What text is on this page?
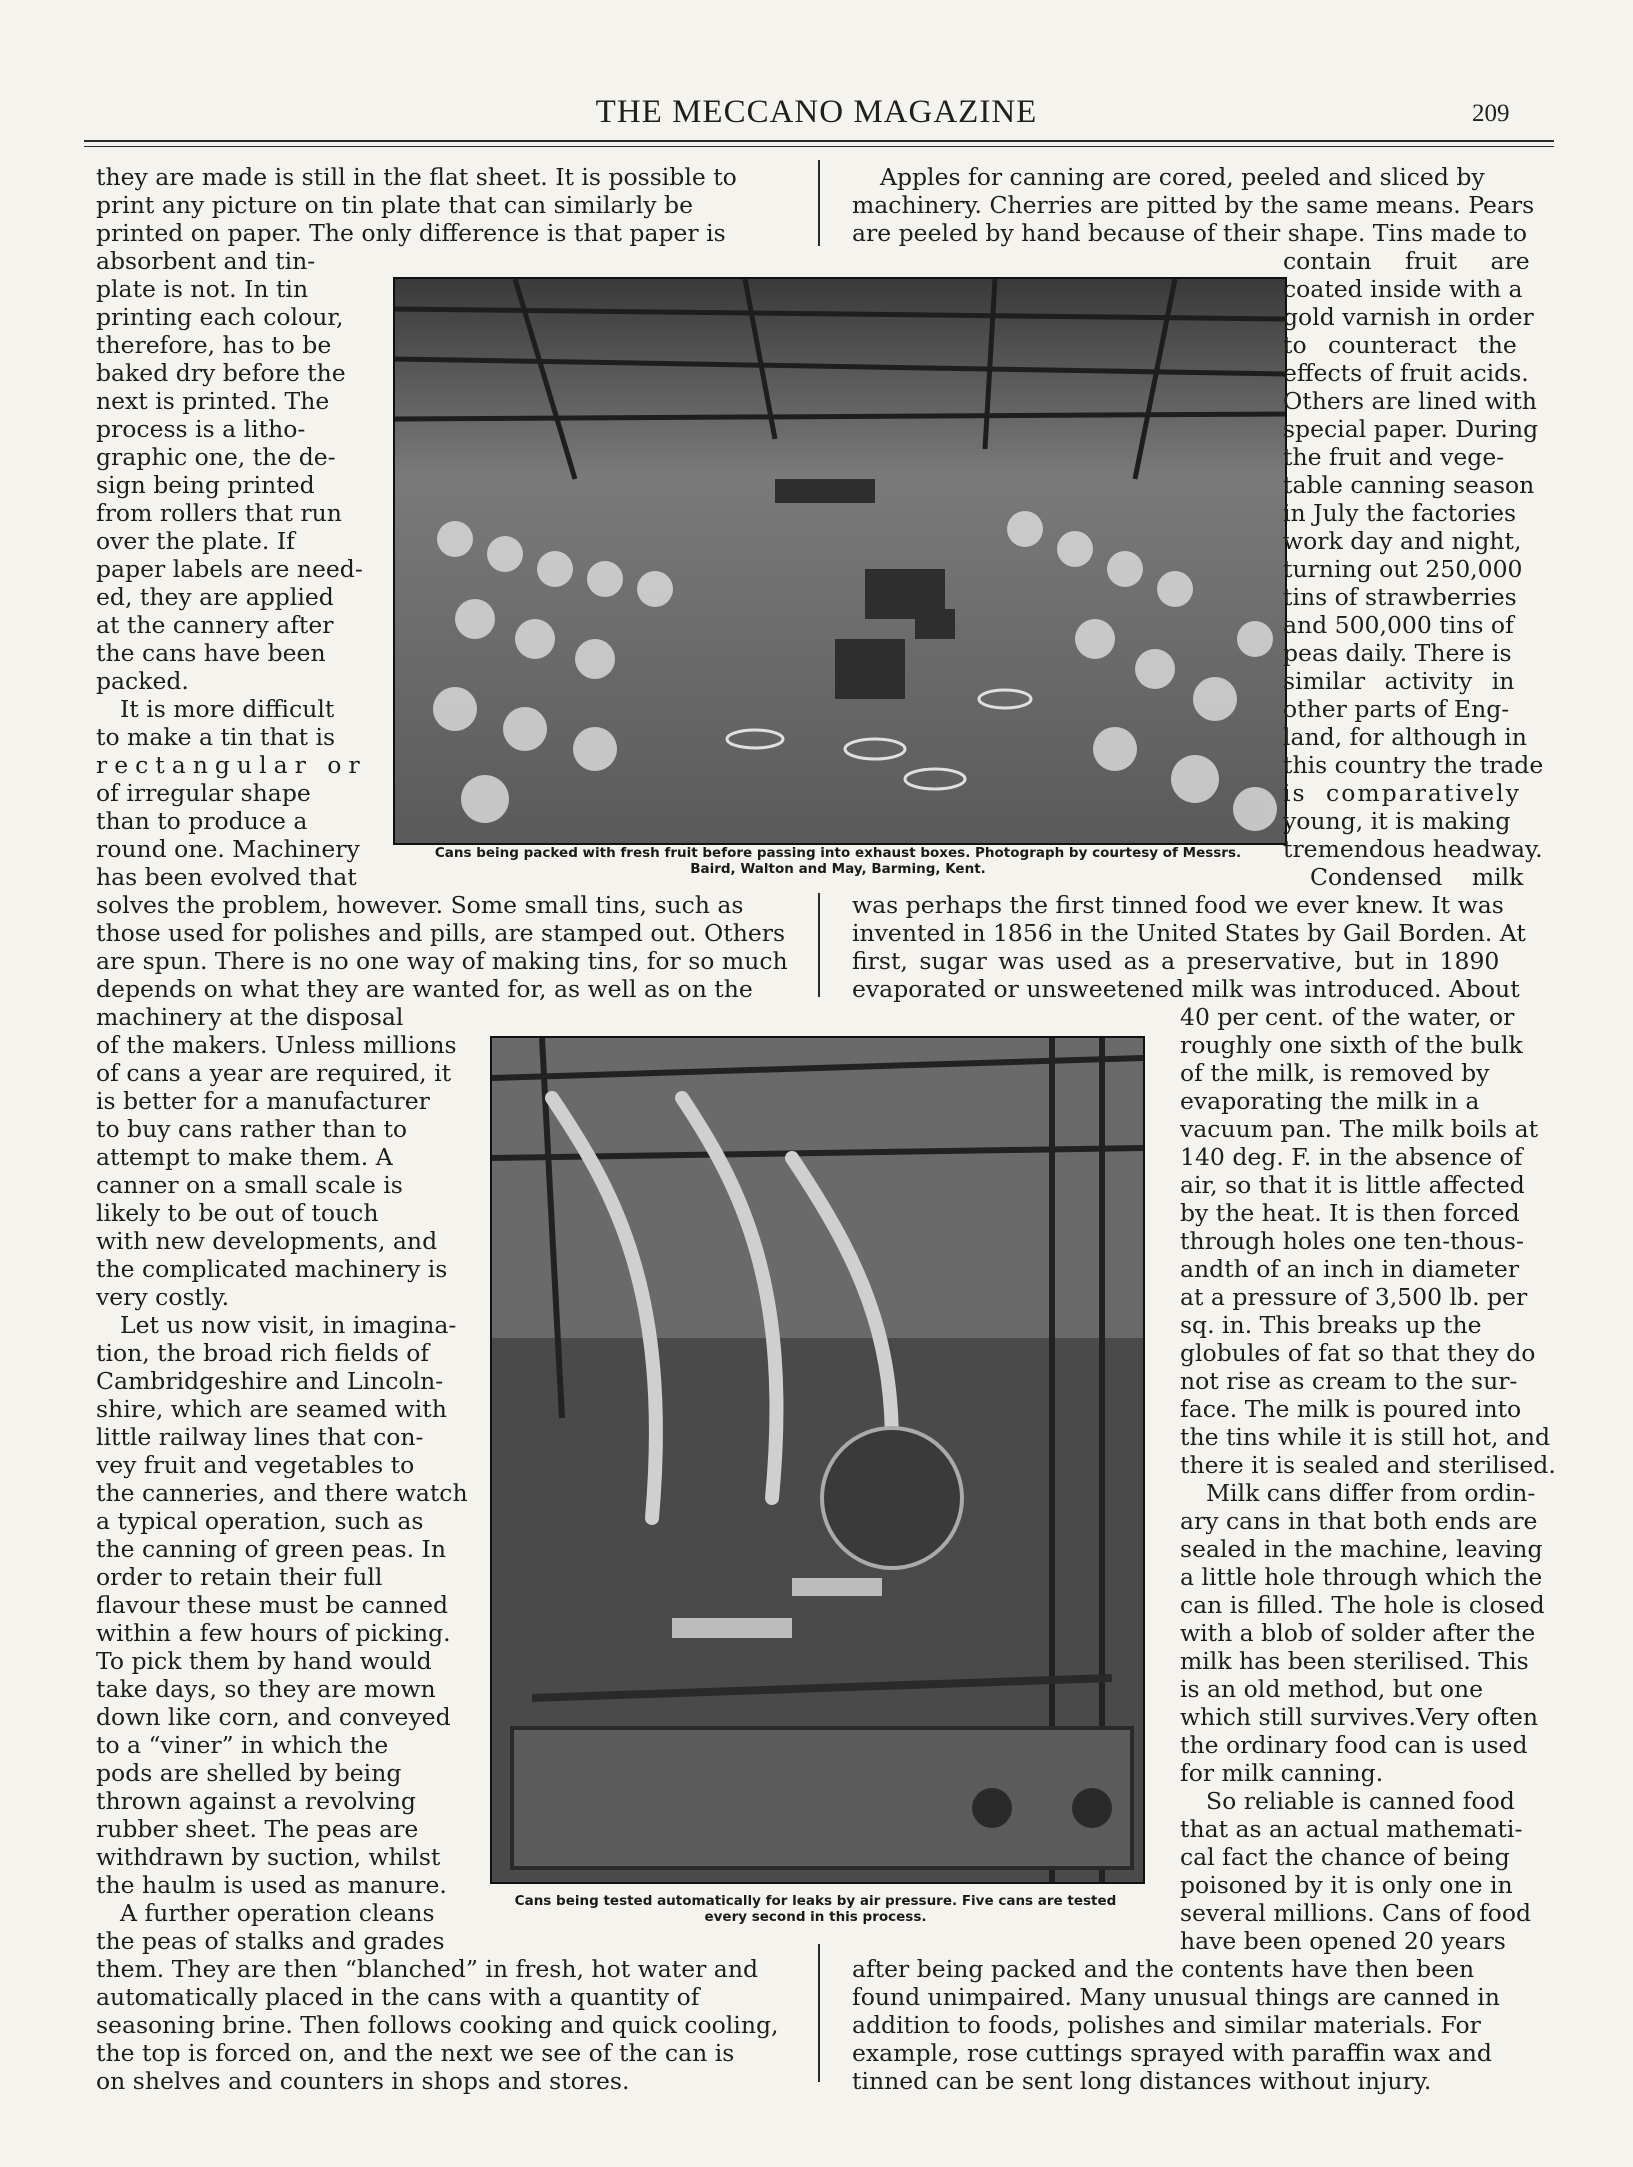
THE MECCANO MAGAZINE	209
Cans being packed with fresh fruit before passing into exhaust boxes. Photograph by courtesy of Messrs.
Baird, Walton and May, Barming, Kent.
Cans being tested automatically for leaks by air pressure. Five cans are tested
every second in this process.
they are made is still in the flat sheet. It is possible to
print any picture on tin plate that can similarly be
printed on paper. The only difference is that paper is
absorbent and tin-
plate is not. In tin
printing each colour,
therefore, has to be
baked dry before the
next is printed. The
process is a litho-
graphic one, the de-
sign being printed
from rollers that run
over the plate. If
paper labels are need-
ed, they are applied
at the cannery after
the cans have been
packed.
It is more difficult
to make a tin that is
rectangular or
of irregular shape
than to produce a
round one. Machinery
has been evolved that
solves the problem, however. Some small tins, such as
those used for polishes and pills, are stamped out. Others
are spun. There is no one way of making tins, for so much
depends on what they are wanted for, as well as on the
machinery at the disposal
of the makers. Unless millions
of cans a year are required, it
is better for a manufacturer
to buy cans rather than to
attempt to make them. A
canner on a small scale is
likely to be out of touch
with new developments, and
the complicated machinery is
very costly.
Let us now visit, in imagina-
tion, the broad rich fields of
Cambridgeshire and Lincoln-
shire, which are seamed with
little railway lines that con-
vey fruit and vegetables to
the canneries, and there watch
a typical operation, such as
the canning of green peas. In
order to retain their full
flavour these must be canned
within a few hours of picking.
To pick them by hand would
take days, so they are mown
down like corn, and conveyed
to a “viner” in which the
pods are shelled by being
thrown against a revolving
rubber sheet. The peas are
withdrawn by suction, whilst
the haulm is used as manure.
A further operation cleans
the peas of stalks and grades
them. They are then “blanched” in fresh, hot water and
automatically placed in the cans with a quantity of
seasoning brine. Then follows cooking and quick cooling,
the top is forced on, and the next we see of the can is
on shelves and counters in shops and stores.
Apples for canning are cored, peeled and sliced by
machinery. Cherries are pitted by the same means. Pears
are peeled by hand because of their shape. Tins made to
contain fruit are
coated inside with a
gold varnish in order
to counteract the
effects of fruit acids.
Others are lined with
special paper. During
the fruit and vege-
table canning season
in July the factories
work day and night,
turning out 250,000
tins of strawberries
and 500,000 tins of
peas daily. There is
similar activity in
other parts of Eng-
land, for although in
this country the trade
is comparatively
young, it is making
tremendous headway.
Condensed milk
was perhaps the first tinned food we ever knew. It was
invented in 1856 in the United States by Gail Borden. At
first, sugar was used as a preservative, but in 1890
evaporated or unsweetened milk was introduced. About
40 per cent. of the water, or
roughly one sixth of the bulk
of the milk, is removed by
evaporating the milk in a
vacuum pan. The milk boils at
140 deg. F. in the absence of
air, so that it is little affected
by the heat. It is then forced
through holes one ten-thous-
andth of an inch in diameter
at a pressure of 3,500 lb. per
sq. in. This breaks up the
globules of fat so that they do
not rise as cream to the sur-
face. The milk is poured into
the tins while it is still hot, and
there it is sealed and sterilised.
Milk cans differ from ordin-
ary cans in that both ends are
sealed in the machine, leaving
a little hole through which the
can is filled. The hole is closed
with a blob of solder after the
milk has been sterilised. This
is an old method, but one
which still survives.Very often
the ordinary food can is used
for milk canning.
So reliable is canned food
that as an actual mathemati-
cal fact the chance of being
poisoned by it is only one in
several millions. Cans of food
have been opened 20 years
after being packed and the contents have then been
found unimpaired. Many unusual things are canned in
addition to foods, polishes and similar materials. For
example, rose cuttings sprayed with paraffin wax and
tinned can be sent long distances without injury.
